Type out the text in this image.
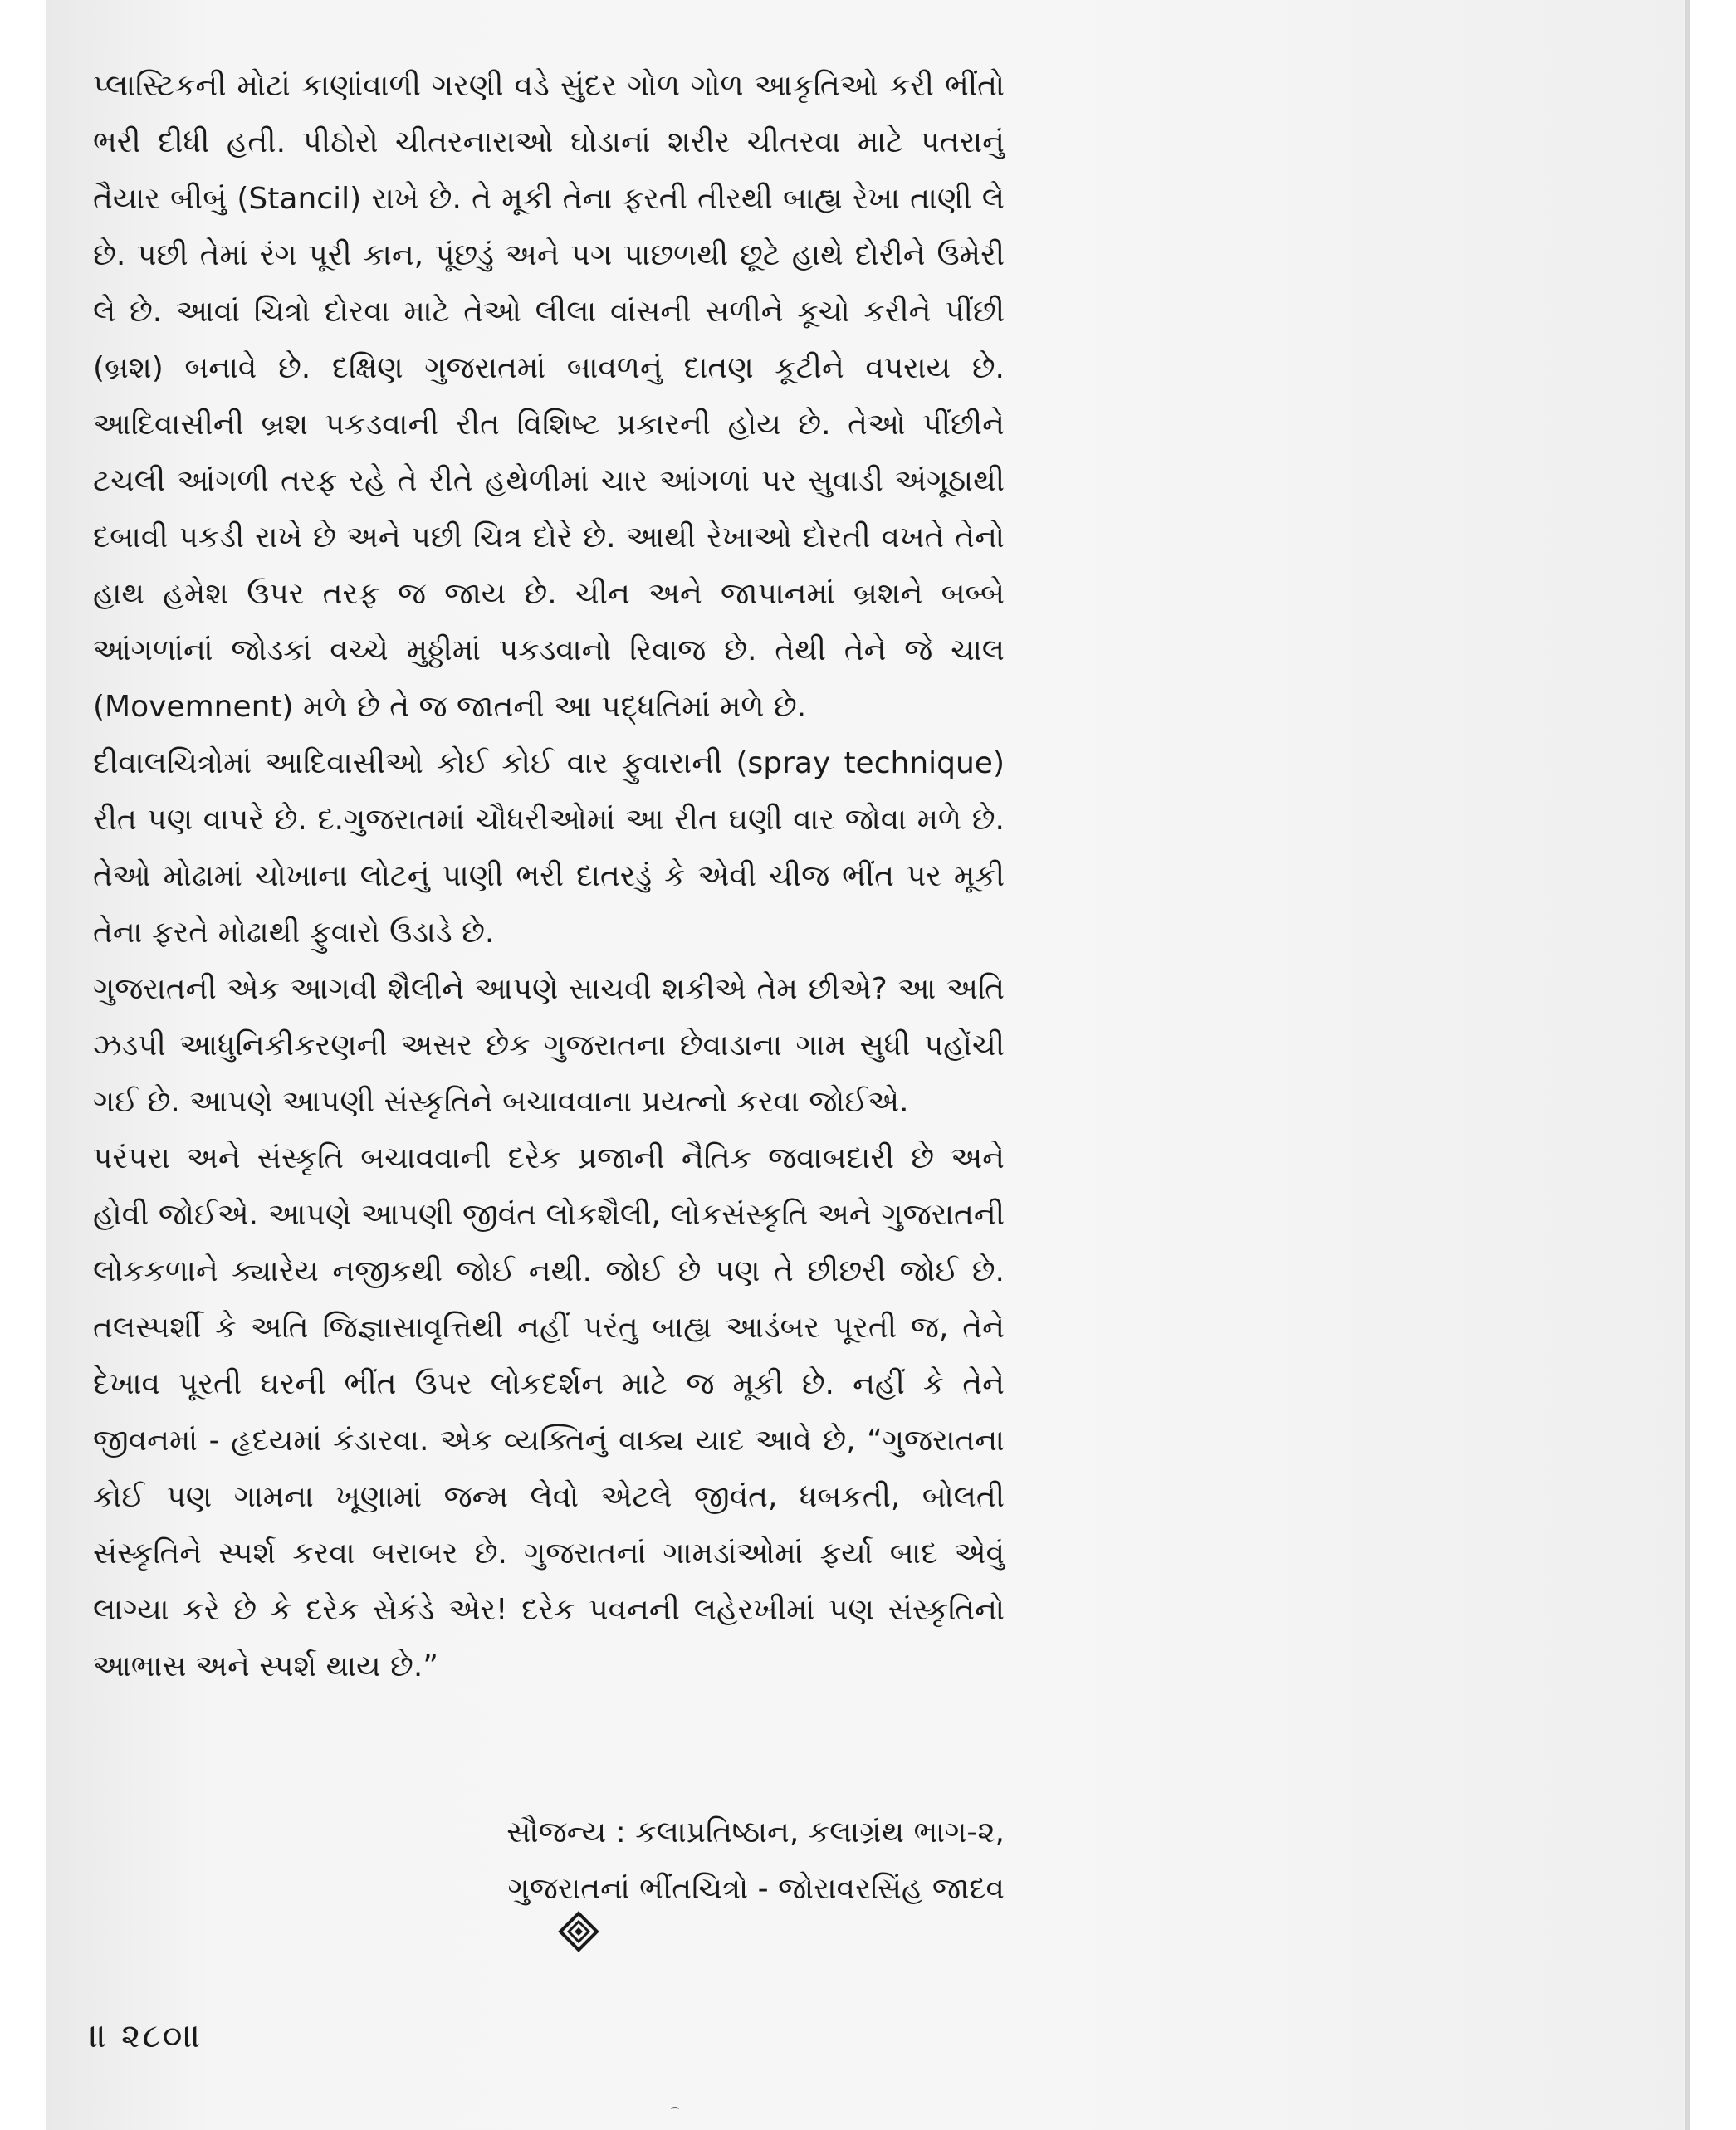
પ્લાસ્ટિકની મોટાં કાણાંવાળી ગરણી વડે સુંદર ગોળ ગોળ આકૃતિઓ કરી ભીંતો ભરી દીધી હતી. પીઠોરો ચીતરનારાઓ ઘોડાનાં શરીર ચીતરવા માટે પતરાનું તૈયાર બીબું (Stancil) રાખે છે. તે મૂકી તેના ફરતી તીરથી બાહ્ય રેખા તાણી લે છે. પછી તેમાં રંગ પૂરી કાન, પૂંછડું અને પગ પાછળથી છૂટે હાથે દોરીને ઉમેરી લે છે. આવાં ચિત્રો દોરવા માટે તેઓ લીલા વાંસની સળીને કૂચો કરીને પીંછી (બ્રશ) બનાવે છે. દક્ષિણ ગુજરાતમાં બાવળનું દાતણ કૂટીને વપરાય છે. આદિવાસીની બ્રશ પકડવાની રીત વિશિષ્ટ પ્રકારની હોય છે. તેઓ પીંછીને ટચલી આંગળી તરફ રહે તે રીતે હથેળીમાં ચાર આંગળાં પર સુવાડી અંગૂઠાથી દબાવી પકડી રાખે છે અને પછી ચિત્ર દોરે છે. આથી રેખાઓ દોરતી વખતે તેનો હાથ હમેશ ઉપર તરફ જ જાય છે. ચીન અને જાપાનમાં બ્રશને બબ્બે આંગળાંનાં જોડકાં વચ્ચે મુઠ્ઠીમાં પકડવાનો રિવાજ છે. તેથી તેને જે ચાલ (Movemnent) મળે છે તે જ જાતની આ પદ્ધતિમાં મળે છે.

દીવાલચિત્રોમાં આદિવાસીઓ કોઈ કોઈ વાર ફુવારાની (spray technique) રીત પણ વાપરે છે. દ.ગુજરાતમાં ચૌધરીઓમાં આ રીત ઘણી વાર જોવા મળે છે. તેઓ મોઢામાં ચોખાના લોટનું પાણી ભરી દાતરડું કે એવી ચીજ ભીંત પર મૂકી તેના ફરતે મોઢાથી ફુવારો ઉડાડે છે.

ગુજરાતની એક આગવી શૈલીને આપણે સાચવી શકીએ તેમ છીએ? આ અતિ ઝડપી આધુનિકીકરણની અસર છેક ગુજરાતના છેવાડાના ગામ સુધી પહોંચી ગઈ છે. આપણે આપણી સંસ્કૃતિને બચાવવાના પ્રયત્નો કરવા જોઈએ.

પરંપરા અને સંસ્કૃતિ બચાવવાની દરેક પ્રજાની નૈતિક જવાબદારી છે અને હોવી જોઈએ. આપણે આપણી જીવંત લોકશૈલી, લોકસંસ્કૃતિ અને ગુજરાતની લોકકળાને ક્યારેય નજીકથી જોઈ નથી. જોઈ છે પણ તે છીછરી જોઈ છે. તલસ્પર્શી કે અતિ જિજ્ઞાસાવૃત્તિથી નહીં પરંતુ બાહ્ય આડંબર પૂરતી જ, તેને દેખાવ પૂરતી ઘરની ભીંત ઉપર લોકદર્શન માટે જ મૂકી છે. નહીં કે તેને જીવનમાં - હૃદયમાં કંડારવા. એક વ્યક્તિનું વાક્ય યાદ આવે છે, “ગુજરાતના કોઈ પણ ગામના ખૂણામાં જન્મ લેવો એટલે જીવંત, ધબકતી, બોલતી સંસ્કૃતિને સ્પર્શ કરવા બરાબર છે. ગુજરાતનાં ગામડાંઓમાં ફર્યા બાદ એવું લાગ્યા કરે છે કે દરેક સેકંડે એર! દરેક પવનની લહેરખીમાં પણ સંસ્કૃતિનો આભાસ અને સ્પર્શ થાય છે.”

સૌજન્ય : કલાપ્રતિષ્ઠાન, કલાગ્રંથ ભાગ-૨,
ગુજરાતનાં ભીંતચિત્રો - જોરાવરસિંહ જાદવ
॥ ૨૮૦॥
